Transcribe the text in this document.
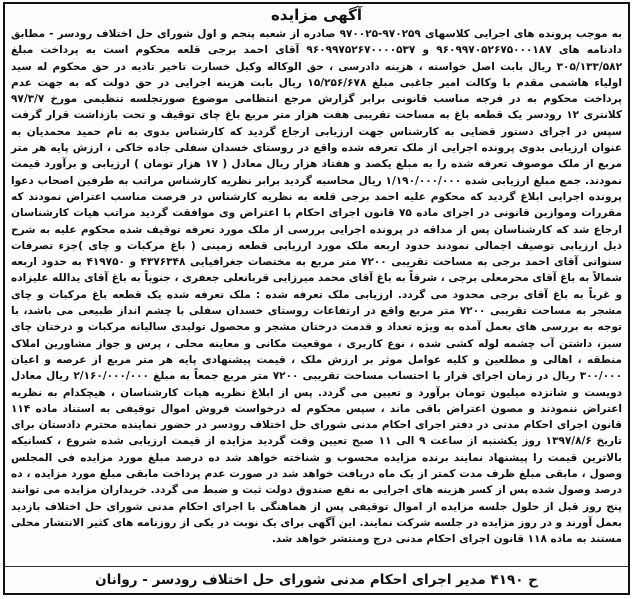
آگهی مزایده

به موجب پرونده های اجرایی کلاسهای ۹۷۰۲۵۹-۹۷۰۰۲۵ صادره از شعبه پنجم و اول شورای حل اختلاف رودسر - مطابق دادنامه های ۹۶۰۹۹۷۰۵۲۶۷۵۰۰۰۱۸۷ و ۹۶۰۹۹۷۵۲۶۷۰۰۰۰۵۳۷ آقای احمد برجی قلعه محکوم است به پرداخت مبلغ ۳۰۵/۱۳۳/۵۸۲ ریال بابت اصل خواسته ، هزینه دادرسی ، حق الوکاله وکیل خسارت تاخیر تادیه در حق محکوم له سید اولیاء هاشمی مقدم با وکالت امیر جاغبی مبلغ ۱۵/۲۵۶/۶۷۸ ریال بابت هزینه اجرایی در حق دولت که به جهت عدم پرداخت محکوم به در فرجه مناسب قانونی برابر گزارش مرجع انتظامی موضوع صورتجلسه تنظیمی مورخ ۹۷/۳/۷ کلانتری ۱۲ رودسر یک قطعه باغ به مساحت تقریبی هفت هزار متر مربع باغ چای توقیف و تحت بازداشت قرار گرفت سپس در اجرای دستور قضایی به کارشناس جهت ارزیابی ارجاع گردید که کارشناس بدوی به نام حمید محمدیان به عنوان ارزیابی بدوی پرونده اجرایی از ملک تعرفه شده واقع در روستای خسدان سفلی جاده خاکی ، ارزش پایه هر متر مربع از ملک موصوف تعرفه شده را به مبلغ یکصد و هفتاد هزار ریال معادل ( ۱۷ هزار تومان ) ارزیابی و برآورد قیمت نمودند. جمع مبلغ ارزیابی شده ۱/۱۹۰/۰۰۰/۰۰۰ ریال محاسبه گردید برابر نظریه کارشناس مراتب به طرفین اصحاب دعوا پرونده اجرایی ابلاغ گردید که محکوم علیه احمد برجی قلعه به نظریه کارشناس در فرصت مناسب اعتراض نمودند که مقررات وموازین قانونی در اجرای ماده ۷۵ قانون اجرای احکام با اعتراض وی موافقت گردید مراتب هیات کارشناسان ارجاع شد که کارشناسان پس از مداقه در پرونده اجرایی بررسی از ملک مورد تعرفه توقیف شده محکوم علیه به شرح ذیل ارزیابی توصیف اجمالی نمودند حدود اربعه ملک مورد ارزیابی قطعه زمینی ( باغ مرکبات و چای )جزء تصرفات سنواتی آقای احمد برجی به مساحت تقریبی ۷۲۰۰ متر مربع به مختصات جغرافیایی ۴۳۷۶۳۴۸ و ۴۱۹۷۵۰ به حدود اربعه شمالاً به باغ آقای محرمعلی برجی ، شرقاً به باغ آقای محمد میرزایی قربانعلی جعفری ، جنوباً به باغ آقای یدالله علیزاده و غرباً به باغ آقای برجی محدود می گردد. ارزیابی ملک تعرفه شده : ملک تعرفه شده یک قطعه باغ مرکبات و چای مشجر به مساحت تقریبی ۷۲۰۰ متر مربع واقع در ارتفاعات روستای خسدان سفلی با چشم انداز طبیعی می باشد، با توجه به بررسی های بعمل آمده به ویژه تعداد و قدمت درختان مشجر و محصول تولیدی سالیانه مرکبات و درختان چای سبز، داشتن آب چشمه لوله کشی شده ، نوع کاربری ، موقعیت مکانی و معاینه محلی ، پرس و جواز مشاورین املاک منطقه ، اهالی و مطلعین و کلیه عوامل موثر بر ارزش ملک ، قیمت پیشنهادی پایه هر متر مربع از عرصه و اعیان ۳۰۰/۰۰۰ ریال در زمان اجرای قرار با احتساب مساحت تقریبی ۷۲۰۰ متر مربع جمعاً به مبلغ ۲/۱۶۰/۰۰۰/۰۰۰ ریال معادل دویست و شانزده میلیون تومان برآورد و تعیین می گردد. پس از ابلاغ نظریه هیات کارشناسان ، هیچکدام به نظریه اعتراض ننمودند و مصون اعتراض باقی ماند ، سپس محکوم له درخواست فروش اموال توقیفی به استناد ماده ۱۱۴ قانون اجرای احکام مدنی در دفتر اجرای احکام مدنی شورای حل اختلاف رودسر در حضور نماینده محترم دادستان برای تاریخ ۱۳۹۷/۸/۶ روز یکشنبه از ساعت ۹ الی ۱۱ صبح تعیین وقت گردید مزایده از قیمت ارزیابی شده شروع ، کسانیکه بالاترین قیمت را پیشنهاد نمایند برنده مزایده محسوب و شناخته خواهد شد ده درصد مبلغ مورد مزایده فی المجلس وصول ، مابقی مبلغ ظرف مدت کمتر از یک ماه دریافت خواهد شد در صورت عدم پرداخت مابقی مبلغ مورد مزایده ، ده درصد وصول شده پس از کسر هزینه های اجرایی به نفع صندوق دولت ثبت و ضبط می گردد. خریداران مزایده می توانند پنج روز قبل از حلول جلسه مزایده از اموال توقیفی پس از هماهنگی با اجرای احکام مدنی شورای حل اختلاف بازدید بعمل آورند و در روز مزایده در جلسه شرکت نمایند. این آگهی برای یک نوبت در یکی از روزنامه های کثیر الانتشار محلی مستند به ماده ۱۱۸ قانون اجرای احکام مدنی درج ومنتشر خواهد شد.

ح ۴۱۹۰ مدیر اجرای احکام مدنی شورای حل اختلاف رودسر - روانان
